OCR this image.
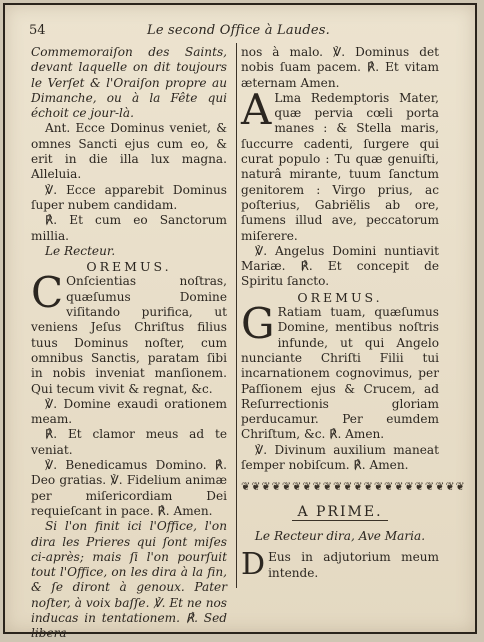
54	Le second Office à Laudes.

Commemoraiſon des Saints, devant laquelle on dit toujours le Verſet & l'Oraiſon propre au Dimanche, ou à la Fête qui échoit ce jour-là.

Ant. Ecce Dominus veniet, & omnes Sancti ejus cum eo, & erit in die illa lux magna. Alleluia.

℣. Ecce apparebit Dominus ſuper nubem candidam.

℟. Et cum eo Sanctorum millia.

Le Recteur.

OREMUS.

C Onſcientias noſtras, quæſumus Domine viſitando purifica, ut veniens Jeſus Chriſtus filius tuus Dominus noſter, cum omnibus Sanctis, paratam ſibi in nobis inveniat manſionem. Qui tecum vivit & regnat, &c.

℣. Domine exaudi orationem meam.

℟. Et clamor meus ad te veniat.

℣. Benedicamus Domino. ℟. Deo gratias. ℣. Fidelium animæ per miſericordiam Dei requieſcant in pace. ℟. Amen.

Si l'on finit ici l'Office, l'on dira les Prieres qui ſont miſes ci-après; mais ſi l'on pourſuit tout l'Office, on les dira à la fin, & ſe diront à genoux. Pater noſter, à voix baſſe. ℣. Et ne nos inducas in tentationem. ℟. Sed libera

nos à malo. ℣. Dominus det nobis ſuam pacem. ℟. Et vitam æternam Amen.

A Lma Redemptoris Mater, quæ pervia cœli porta manes : & Stella maris, ſuccurre cadenti, ſurgere qui curat populo : Tu quæ genuiſti, naturâ mirante, tuum ſanctum genitorem : Virgo prius, ac poſterius, Gabriëlis ab ore, ſumens illud ave, peccatorum miſerere.

℣. Angelus Domini nuntiavit Mariæ. ℟. Et concepit de Spiritu ſancto.

OREMUS.

G Ratiam tuam, quæſumus Domine, mentibus noſtris infunde, ut qui Angelo nunciante Chriſti Filii tui incarnationem cognovimus, per Paſſionem ejus & Crucem, ad Reſurrectionis gloriam perducamur. Per eumdem Chriſtum, &c. ℟. Amen.

℣. Divinum auxilium maneat ſemper nobiſcum. ℟. Amen.

❦❦❦❦❦❦❦❦❦❦❦❦❦❦❦❦❦❦❦❦❦❦

A PRIME.

Le Recteur dira, Ave Maria.

D Eus in adjutorium meum intende.
